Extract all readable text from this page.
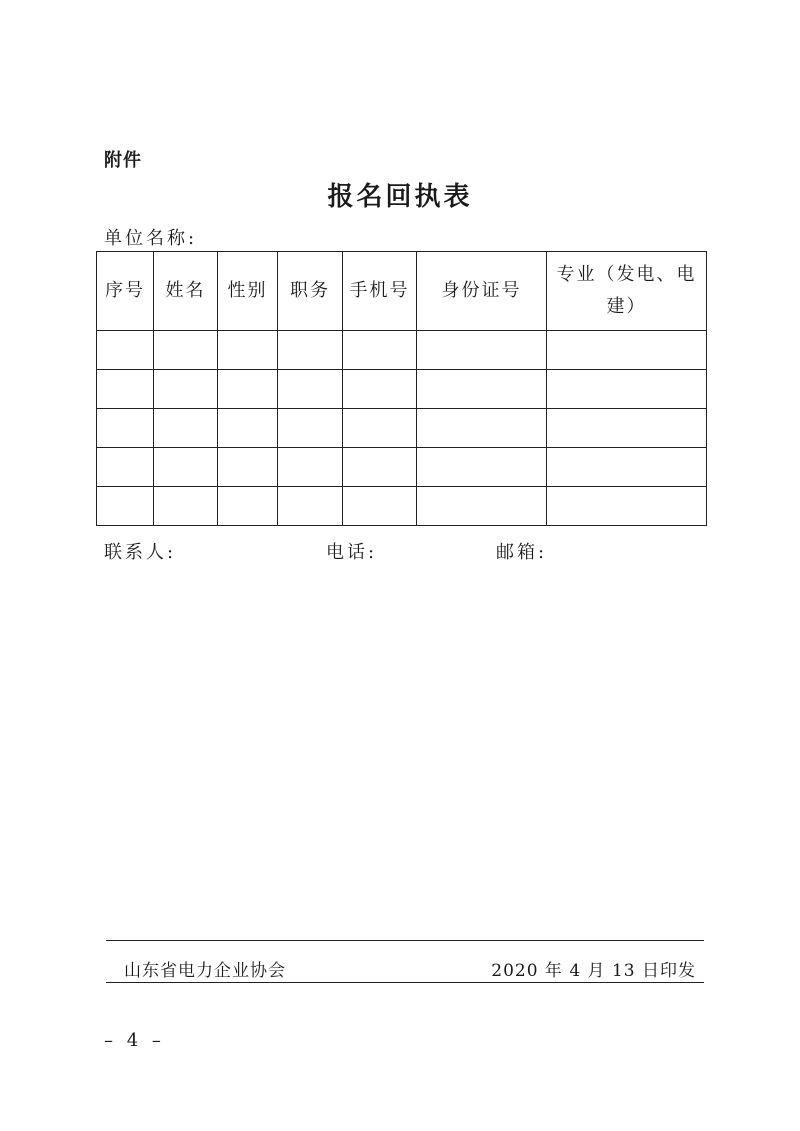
附件
报名回执表
单位名称:
序号	姓名	性别	职务	手机号	身份证号	专业（发电、电建）

联系人:	电话:	邮箱:
山东省电力企业协会	2020 年 4 月 13 日印发
– 4 –
